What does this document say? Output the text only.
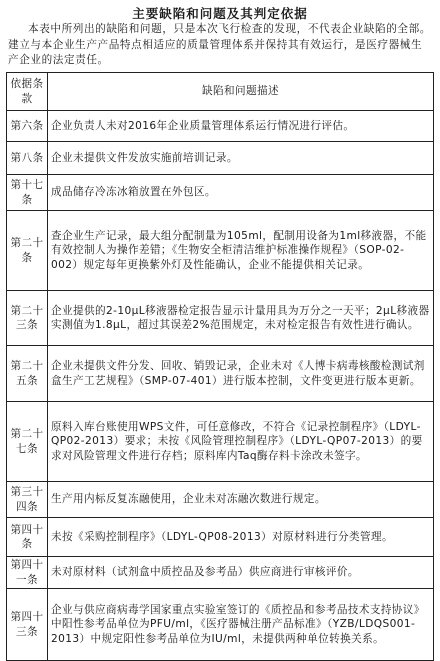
主要缺陷和问题及其判定依据
本表中所列出的缺陷和问题，只是本次飞行检查的发现，不代表企业缺陷的全部。建立与本企业生产产品特点相适应的质量管理体系并保持其有效运行，是医疗器械生产企业的法定责任。
依据条款	缺陷和问题描述
第六条	企业负责人未对2016年企业质量管理体系运行情况进行评估。
第八条	企业未提供文件发放实施前培训记录。
第十七条	成品储存冷冻冰箱放置在外包区。
第二十条	查企业生产记录，最大组分配制量为105ml，配制用设备为1ml移液器，不能有效控制人为操作差错；《生物安全柜清洁维护标准操作规程》（SOP-02-002）规定每年更换紫外灯及性能确认，企业不能提供相关记录。
第二十三条	企业提供的2-10μL移液器检定报告显示计量用具为万分之一天平；2μL移液器实测值为1.8μL，超过其误差2%范围规定，未对检定报告有效性进行确认。
第二十五条	企业未提供文件分发、回收、销毁记录，企业未对《人博卡病毒核酸检测试剂盒生产工艺规程》（SMP-07-401）进行版本控制，文件变更进行版本更新。
第二十七条	原料入库台账使用WPS文件，可任意修改，不符合《记录控制程序》（LDYL-QP02-2013）要求；未按《风险管理控制程序》（LDYL-QP07-2013）的要求对风险管理文件进行存档；原料库内Taq酶存料卡涂改未签字。
第三十四条	生产用内标反复冻融使用，企业未对冻融次数进行规定。
第四十条	未按《采购控制程序》（LDYL-QP08-2013）对原材料进行分类管理。
第四十一条	未对原材料（试剂盒中质控品及参考品）供应商进行审核评价。
第四十三条	企业与供应商病毒学国家重点实验室签订的《质控品和参考品技术支持协议》中阳性参考品单位为PFU/ml，《医疗器械注册产品标准》（YZB/LDQS001-2013）中规定阳性参考品单位为IU/ml，未提供两种单位转换关系。
